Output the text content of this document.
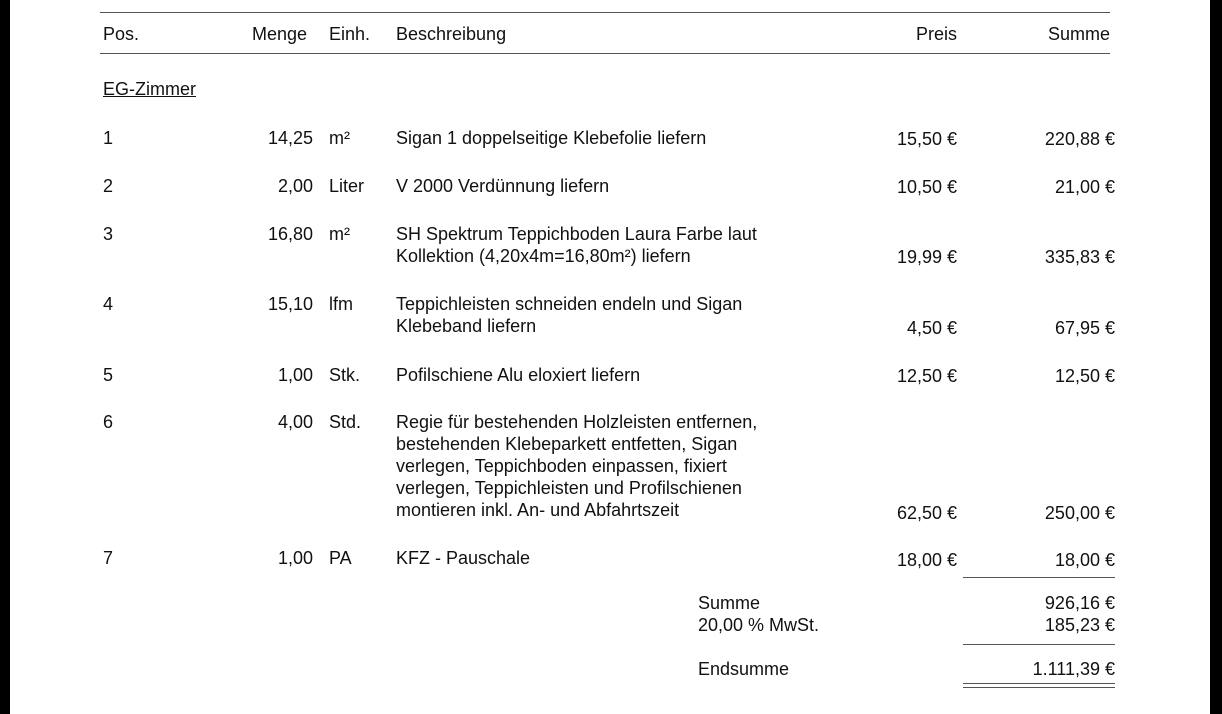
Pos.	Menge Einh. Beschreibung	Preis	Summe
EG-Zimmer
1	14,25 m²	Sigan 1 doppelseitige Klebefolie liefern	15,50 €	220,88 €
2	2,00 Liter V 2000 Verdünnung liefern	10,50 €	21,00 €
3	16,80 m²	SH Spektrum Teppichboden Laura Farbe laut
Kollektion (4,20x4m=16,80m²) liefern	19,99 €	335,83 €
4	15,10 lfm Teppichleisten schneiden endeln und Sigan
Klebeband liefern	4,50 €	67,95 €
5	1,00 Stk. Pofilschiene Alu eloxiert liefern	12,50 €	12,50 €
6	4,00 Std. Regie für bestehenden Holzleisten entfernen,
bestehenden Klebeparkett entfetten, Sigan
verlegen, Teppichboden einpassen, fixiert
verlegen, Teppichleisten und Profilschienen
montieren inkl. An- und Abfahrtszeit	62,50 €	250,00 €
7	1,00 PA KFZ - Pauschale	18,00 €	18,00 €
Summe	926,16 €
20,00 % MwSt.	185,23 €
Endsumme	1.111,39 €
